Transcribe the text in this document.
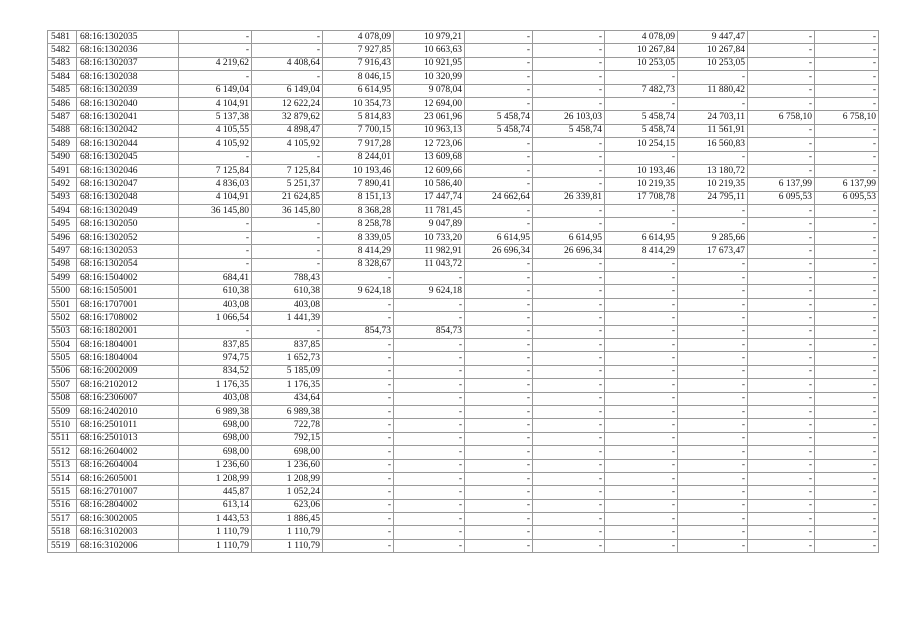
5481	68:16:1302035	-	-	4 078,09	10 979,21	-	-	4 078,09	9 447,47	-	-
5482	68:16:1302036	-	-	7 927,85	10 663,63	-	-	10 267,84	10 267,84	-	-
5483	68:16:1302037	4 219,62	4 408,64	7 916,43	10 921,95	-	-	10 253,05	10 253,05	-	-
5484	68:16:1302038	-	-	8 046,15	10 320,99	-	-	-	-	-	-
5485	68:16:1302039	6 149,04	6 149,04	6 614,95	9 078,04	-	-	7 482,73	11 880,42	-	-
5486	68:16:1302040	4 104,91	12 622,24	10 354,73	12 694,00	-	-	-	-	-	-
5487	68:16:1302041	5 137,38	32 879,62	5 814,83	23 061,96	5 458,74	26 103,03	5 458,74	24 703,11	6 758,10	6 758,10
5488	68:16:1302042	4 105,55	4 898,47	7 700,15	10 963,13	5 458,74	5 458,74	5 458,74	11 561,91	-	-
5489	68:16:1302044	4 105,92	4 105,92	7 917,28	12 723,06	-	-	10 254,15	16 560,83	-	-
5490	68:16:1302045	-	-	8 244,01	13 609,68	-	-	-	-	-	-
5491	68:16:1302046	7 125,84	7 125,84	10 193,46	12 609,66	-	-	10 193,46	13 180,72	-	-
5492	68:16:1302047	4 836,03	5 251,37	7 890,41	10 586,40	-	-	10 219,35	10 219,35	6 137,99	6 137,99
5493	68:16:1302048	4 104,91	21 624,85	8 151,13	17 447,74	24 662,64	26 339,81	17 708,78	24 795,11	6 095,53	6 095,53
5494	68:16:1302049	36 145,80	36 145,80	8 368,28	11 781,45	-	-	-	-	-	-
5495	68:16:1302050	-	-	8 258,78	9 047,89	-	-	-	-	-	-
5496	68:16:1302052	-	-	8 339,05	10 733,20	6 614,95	6 614,95	6 614,95	9 285,66	-	-
5497	68:16:1302053	-	-	8 414,29	11 982,91	26 696,34	26 696,34	8 414,29	17 673,47	-	-
5498	68:16:1302054	-	-	8 328,67	11 043,72	-	-	-	-	-	-
5499	68:16:1504002	684,41	788,43	-	-	-	-	-	-	-	-
5500	68:16:1505001	610,38	610,38	9 624,18	9 624,18	-	-	-	-	-	-
5501	68:16:1707001	403,08	403,08	-	-	-	-	-	-	-	-
5502	68:16:1708002	1 066,54	1 441,39	-	-	-	-	-	-	-	-
5503	68:16:1802001	-	-	854,73	854,73	-	-	-	-	-	-
5504	68:16:1804001	837,85	837,85	-	-	-	-	-	-	-	-
5505	68:16:1804004	974,75	1 652,73	-	-	-	-	-	-	-	-
5506	68:16:2002009	834,52	5 185,09	-	-	-	-	-	-	-	-
5507	68:16:2102012	1 176,35	1 176,35	-	-	-	-	-	-	-	-
5508	68:16:2306007	403,08	434,64	-	-	-	-	-	-	-	-
5509	68:16:2402010	6 989,38	6 989,38	-	-	-	-	-	-	-	-
5510	68:16:2501011	698,00	722,78	-	-	-	-	-	-	-	-
5511	68:16:2501013	698,00	792,15	-	-	-	-	-	-	-	-
5512	68:16:2604002	698,00	698,00	-	-	-	-	-	-	-	-
5513	68:16:2604004	1 236,60	1 236,60	-	-	-	-	-	-	-	-
5514	68:16:2605001	1 208,99	1 208,99	-	-	-	-	-	-	-	-
5515	68:16:2701007	445,87	1 052,24	-	-	-	-	-	-	-	-
5516	68:16:2804002	613,14	623,06	-	-	-	-	-	-	-	-
5517	68:16:3002005	1 443,53	1 886,45	-	-	-	-	-	-	-	-
5518	68:16:3102003	1 110,79	1 110,79	-	-	-	-	-	-	-	-
5519	68:16:3102006	1 110,79	1 110,79	-	-	-	-	-	-	-	-
